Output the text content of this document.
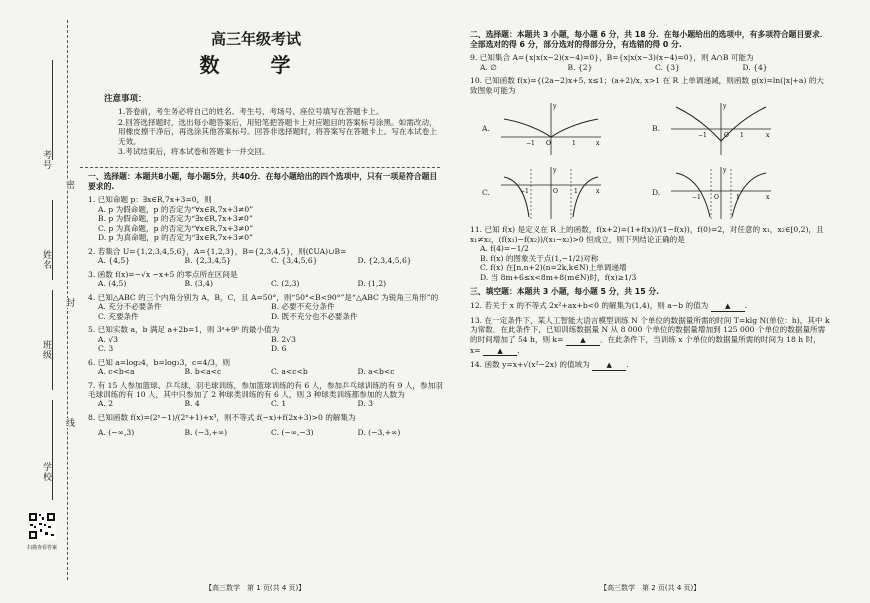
考号
姓名
班级
学校
密
封
线
扫描查看答案
高三年级考试
数 学
注意事项：

1.答卷前，考生务必将自己的姓名、考生号、考场号、座位号填写在答题卡上。

2.回答选择题时，选出每小题答案后，用铅笔把答题卡上对应题目的答案标号涂黑。如需改动，用橡皮擦干净后，再选涂其他答案标号。回答非选择题时，将答案写在答题卡上。写在本试卷上无效。

3.考试结束后，将本试卷和答题卡一并交回。

一、选择题：本题共8小题，每小题5分，共40分．在每小题给出的四个选项中，只有一项是符合题目要求的.
1. 已知命题 p：∃x∈R,7x+3=0，则
A. p 为假命题，p 的否定为“∀x∈R,7x+3≠0”
B. p 为假命题，p 的否定为“∃x∈R,7x+3≠0”
C. p 为真命题，p 的否定为“∀x∈R,7x+3≠0”
D. p 为真命题，p 的否定为“∃x∈R,7x+3≠0”
2. 若集合 U={1,2,3,4,5,6}，A={1,2,3}，B={2,3,4,5}，则(∁UA)∪B=
A. {4,5}	B. {2,3,4,5}	C. {3,4,5,6}	D. {2,3,4,5,6}
3. 函数 f(x)=−√x −x+5 的零点所在区间是
A. (4,5)	B. (3,4)	C. (2,3)	D. (1,2)
4. 已知△ABC 的三个内角分别为 A，B，C，且 A=50°，则“50°<B<90°”是“△ABC 为锐角三角形”的
A. 充分不必要条件	B. 必要不充分条件
C. 充要条件	D. 既不充分也不必要条件
5. 已知实数 a，b 满足 a+2b=1，则 3ᵃ+9ᵇ 的最小值为
A. √3	B. 2√3
C. 3	D. 6
6. 已知 a=log₂4，b=log₃3，c=4/3，则
A. c<b<a	B. b<a<c	C. a<c<b	D. a<b<c
7. 有 15 人参加篮球、乒乓球、羽毛球训练，参加篮球训练的有 6 人，参加乒乓球训练的有 9 人，参加羽毛球训练的有 10 人，其中只参加了 2 种球类训练的有 6 人，则 3 种球类训练都参加的人数为
A. 2	B. 4	C. 1	D. 3
8. 已知函数 f(x)=(2ˣ−1)/(2ˣ+1)+x³，则不等式 f(−x)+f(2x+3)>0 的解集为
A. (−∞,3)	B. (−3,+∞)	C. (−∞,−3)	D. (−3,+∞)
【高三数学　第 1 页(共 4 页)】
二、选择题：本题共 3 小题，每小题 6 分，共 18 分．在每小题给出的选项中，有多项符合题目要求．全部选对的得 6 分，部分选对的得部分分，有选错的得 0 分.
9. 已知集合 A={x|x(x−2)(x−4)=0}，B={x|x(x−3)(x−4)=0}，则 A∩B 可能为
A. ∅	B. {2}	C. {3}	D. {4}
10. 已知函数 f(x)={(2a−2)x+5, x≤1；(a+2)/x, x>1 在 R 上单调递减，则函数 g(x)=ln(|x|+a) 的大致图象可能为
A.
x
y
−1 O	1
B.
x
y
−1	O 1
C.	x
y
−1	O	1	D.
x
y
−1 O	1
11. 已知 f(x) 是定义在 R 上的函数，f(x+2)=(1+f(x))/(1−f(x))，f(0)=2，对任意的 x₁，x₂∈[0,2)，且 x₁≠x₂，(f(x₁)−f(x₂))/(x₁−x₂)>0 恒成立，则下列结论正确的是
A. f(4)=−1/2
B. f(x) 的图象关于点(1,−1/2)对称
C. f(x) 在[n,n+2)(n=2k,k∈N)上单调递增
D. 当 8m+6≤x<8m+8(m∈N)时，f(x)≥1/3
三、填空题：本题共 3 小题，每小题 5 分，共 15 分.
12. 若关于 x 的不等式 2x²+ax+b<0 的解集为(1,4)，则 a−b 的值为 ▲ .
13. 在一定条件下，某人工智能大语言模型训练 N 个单位的数据量所需的时间 T=klg N(单位：h)，其中 k 为常数．在此条件下，已知训练数据量 N 从 8 000 个单位的数据量增加到 125 000 个单位的数据量所需的时间增加了 54 h，则 k= ▲ ．在此条件下，当训练 x 个单位的数据量所需的时间为 18 h 时，x= ▲ .
14. 函数 y=x+√(x²−2x) 的值域为 ▲ .
【高三数学　第 2 页(共 4 页)】
